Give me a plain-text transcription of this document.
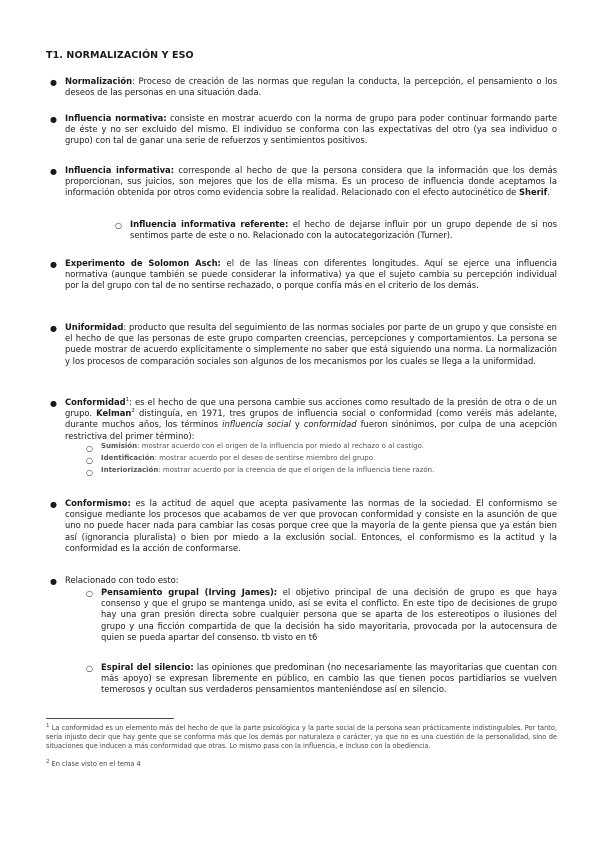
T1. NORMALIZACIÓN Y ESO
● Normalización: Proceso de creación de las normas que regulan la conducta, la percepción, el pensamiento o los deseos de las personas en una situación dada.
● Influencia normativa: consiste en mostrar acuerdo con la norma de grupo para poder continuar formando parte de éste y no ser excluido del mismo. El individuo se conforma con las expectativas del otro (ya sea individuo o grupo) con tal de ganar una serie de refuerzos y sentimientos positivos.
● Influencia informativa: corresponde al hecho de que la persona considera que la información que los demás proporcionan, sus juicios, son mejores que los de ella misma. Es un proceso de influencia donde aceptamos la información obtenida por otros como evidencia sobre la realidad. Relacionado con el efecto autocinético de Sherif.
○ Influencia informativa referente: el hecho de dejarse influir por un grupo depende de si nos sentimos parte de este o no. Relacionado con la autocategorización (Turner).
● Experimento de Solomon Asch: el de las líneas con diferentes longitudes. Aquí se ejerce una influencia normativa (aunque también se puede considerar la informativa) ya que el sujeto cambia su percepción individual por la del grupo con tal de no sentirse rechazado, o porque confía más en el criterio de los demás.
● Uniformidad: producto que resulta del seguimiento de las normas sociales por parte de un grupo y que consiste en el hecho de que las personas de este grupo comparten creencias, percepciones y comportamientos. La persona se puede mostrar de acuerdo explícitamente o simplemente no saber que está siguiendo una norma. La normalización y los procesos de comparación sociales son algunos de los mecanismos por los cuales se llega a la uniformidad.
● Conformidad$^1$: es el hecho de que una persona cambie sus acciones como resultado de la presión de otra o de un grupo. Kelman$^2$ distinguía, en 1971, tres grupos de influencia social o conformidad (como veréis más adelante, durante muchos años, los términos influencia social y conformidad fueron sinónimos, por culpa de una acepción restrictiva del primer término):
○ Sumisión: mostrar acuerdo con el origen de la influencia por miedo al rechazo o al castigo.
○ Identificación: mostrar acuerdo por el deseo de sentirse miembro del grupo.
○ Interiorización: mostrar acuerdo por la creencia de que el origen de la influencia tiene razón.
● Conformismo: es la actitud de aquel que acepta pasivamente las normas de la sociedad. El conformismo se consigue mediante los procesos que acabamos de ver que provocan conformidad y consiste en la asunción de que uno no puede hacer nada para cambiar las cosas porque cree que la mayoría de la gente piensa que ya están bien así (ignorancia pluralista) o bien por miedo a la exclusión social. Entonces, el conformismo es la actitud y la conformidad es la acción de conformarse.
● Relacionado con todo esto:
○ Pensamiento grupal (Irving James): el objetivo principal de una decisión de grupo es que haya consenso y que el grupo se mantenga unido, así se evita el conflicto. En este tipo de decisiones de grupo hay una gran presión directa sobre cualquier persona que se aparta de los estereotipos o ilusiones del grupo y una ficción compartida de que la decisión ha sido mayoritaria, provocada por la autocensura de quien se pueda apartar del consenso. tb visto en t6
○ Espiral del silencio: las opiniones que predominan (no necesariamente las mayoritarias que cuentan con más apoyo) se expresan libremente en público, en cambio las que tienen pocos partidiarios se vuelven temerosos y ocultan sus verdaderos pensamientos manteniéndose así en silencio.
$^1$ La conformidad es un elemento más del hecho de que la parte psicológica y la parte social de la persona sean prácticamente indistinguibles. Por tanto, sería injusto decir que hay gente que se conforma más que los demás por naturaleza o carácter, ya que no es una cuestión de la personalidad, sino de situaciones que inducen a más conformidad que otras. Lo mismo pasa con la influencia, e incluso con la obediencia.
$^2$ En clase visto en el tema 4
